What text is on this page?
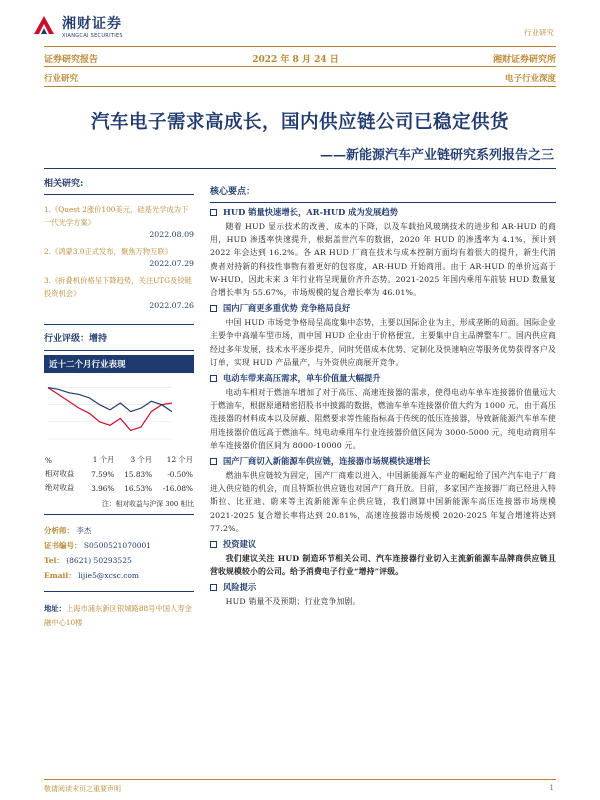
湘财证券
XIANGCAI SECURITIES	行业研究
证券研究报告	2022 年 8 月 24 日	湘财证券研究所
行业研究	电子行业深度
汽车电子需求高成长，国内供应链公司已稳定供货
——新能源汽车产业链研究系列报告之三
相关研究:
1.《Quest 2涨价100美元，硅基光学成为下一代光学方案》
2022.08.09
2.《鸿蒙3.0正式发布，聚焦万物互联》
2022.07.29
3.《折叠机价格呈下降趋势，关注UTG及铰链投资机会》
2022.07.26
行业评级：增持
近十二个月行业表现
%	1 个月	3 个月	12 个月
相对收益	7.59%	15.83%	-0.50%
绝对收益	3.96%	16.53%	-16.08%
注：相对收益与沪深 300 相比
分析师： 李杰
证书编号： S0500521070001
Tel： (8621) 50293525
Email： lijie5@xcsc.com
地址：上海市浦东新区银城路88号中国人寿金融中心10楼
核心要点：
HUD 销量快速增长，AR-HUD 成为发展趋势
随着 HUD 显示技术的改善、成本的下降，以及车载抬风玻璃技术的进步和 AR-HUD 的商用，HUD 渗透率快速提升，根据盖世汽车的数据，2020 年 HUD 的渗透率为 4.1%，预计到 2022 年会达到 16.2%。各 AR HUD 厂商在技术与成本控制方面均有着很大的提升，新生代消费者对持新的科技性事物有着更好的包容度，AR-HUD 开始商用。由于 AR-HUD 的单价远高于 W-HUD，因此未来 3 年行业将呈现量价齐升态势。2021-2025 年国内乘用车前装 HUD 数量复合增长率为 55.67%，市场规模的复合增长率为 46.01%。
国内厂商更多重优势 竞争格局良好
中国 HUD 市场竞争格局呈高度集中态势，主要以国际企业为主，形成垄断的局面。国际企业主要争中高端车型市场，而中国 HUD 企业由于价格便宜，主要集中自主品牌整车厂。国内供应商经过多年发展，技术水平逐步提升，同时凭借成本优势、定制化及快速响应等服务优势获得客户及订单，实现 HUD 产品量产，与外资供应商展开竞争。
电动车带来高压需求，单车价值量大幅提升
电动车相对于燃油车增加了对于高压、高速连接器的需求，使得电动车单车连接器价值量远大于燃油车，根据原通精密招股书中披露的数据，燃油车单车连接器价值大约为 1000 元，由于高压连接器的材料成本以及屏蔽、阻燃要求等性能指标高于传统的低压连接器，导致新能源汽车单车使用连接器价值远高于燃油车。纯电动乘用车行业连接器价值区间为 3000-5000 元，纯电动商用车单车连接器价值区间为 8000-10000 元。
国产厂商切入新能源车供应链，连接器市场规模快速增长
燃油车供应链较为固定，国产厂商难以进入，中国新能源车产业的崛起给了国产汽车电子厂商进入供应链的机会，而且特斯拉供应链也对国产厂商开放。目前，多家国产连接器厂商已经进入特斯拉、比亚迪、蔚来等主流新能源车企供应链，我们测算中国新能源车高压连接器市场规模 2021-2025 复合增长率将达到 20.81%，高速连接器市场规模 2020-2025 年复合增速将达到 77.2%。
投资建议
我们建议关注 HUD 制造环节相关公司、汽车连接器行业切入主流新能源车品牌商供应链且营收规模较小的公司。给予消费电子行业“增持”评级。
风险提示
HUD 销量不及预期；行业竞争加剧。
敬请阅读末页之重要声明	1
